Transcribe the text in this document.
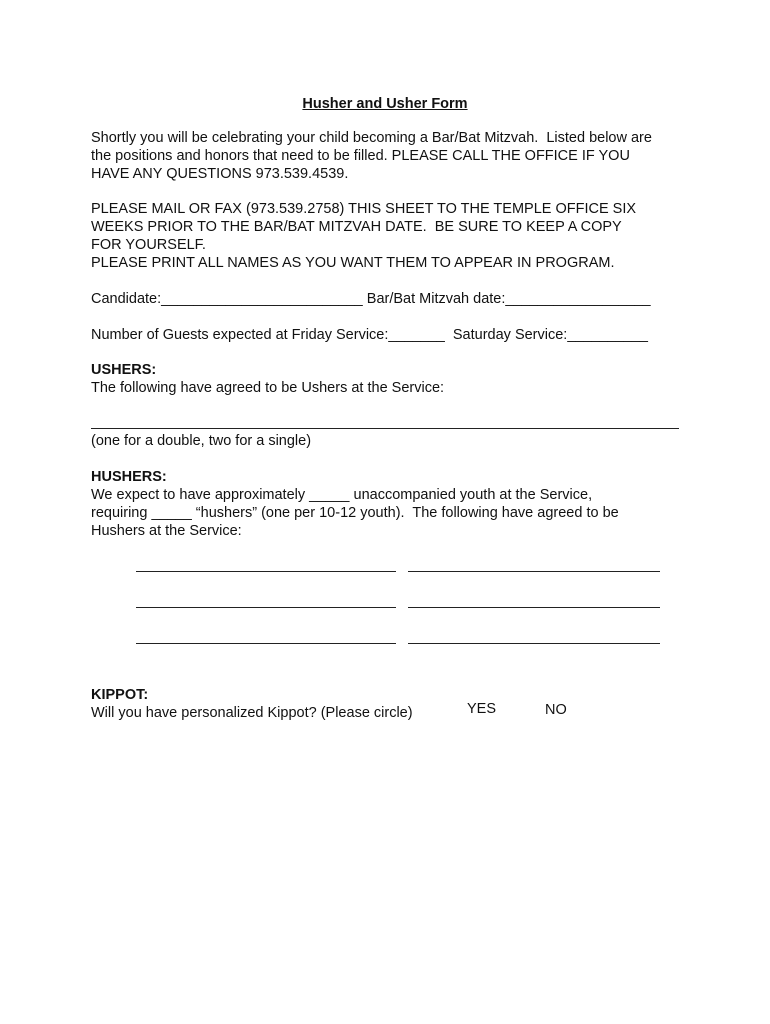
Husher and Usher Form
Shortly you will be celebrating your child becoming a Bar/Bat Mitzvah.  Listed below are
the positions and honors that need to be filled. PLEASE CALL THE OFFICE IF YOU
HAVE ANY QUESTIONS 973.539.4539.
PLEASE MAIL OR FAX (973.539.2758) THIS SHEET TO THE TEMPLE OFFICE SIX
WEEKS PRIOR TO THE BAR/BAT MITZVAH DATE.  BE SURE TO KEEP A COPY
FOR YOURSELF.
PLEASE PRINT ALL NAMES AS YOU WANT THEM TO APPEAR IN PROGRAM.
Candidate:_________________________ Bar/Bat Mitzvah date:__________________
Number of Guests expected at Friday Service:_______  Saturday Service:__________
USHERS:
The following have agreed to be Ushers at the Service:
(one for a double, two for a single)
HUSHERS:
We expect to have approximately _____ unaccompanied youth at the Service,
requiring _____ “hushers” (one per 10-12 youth).  The following have agreed to be
Hushers at the Service:
KIPPOT:
Will you have personalized Kippot? (Please circle)	YES	NO
